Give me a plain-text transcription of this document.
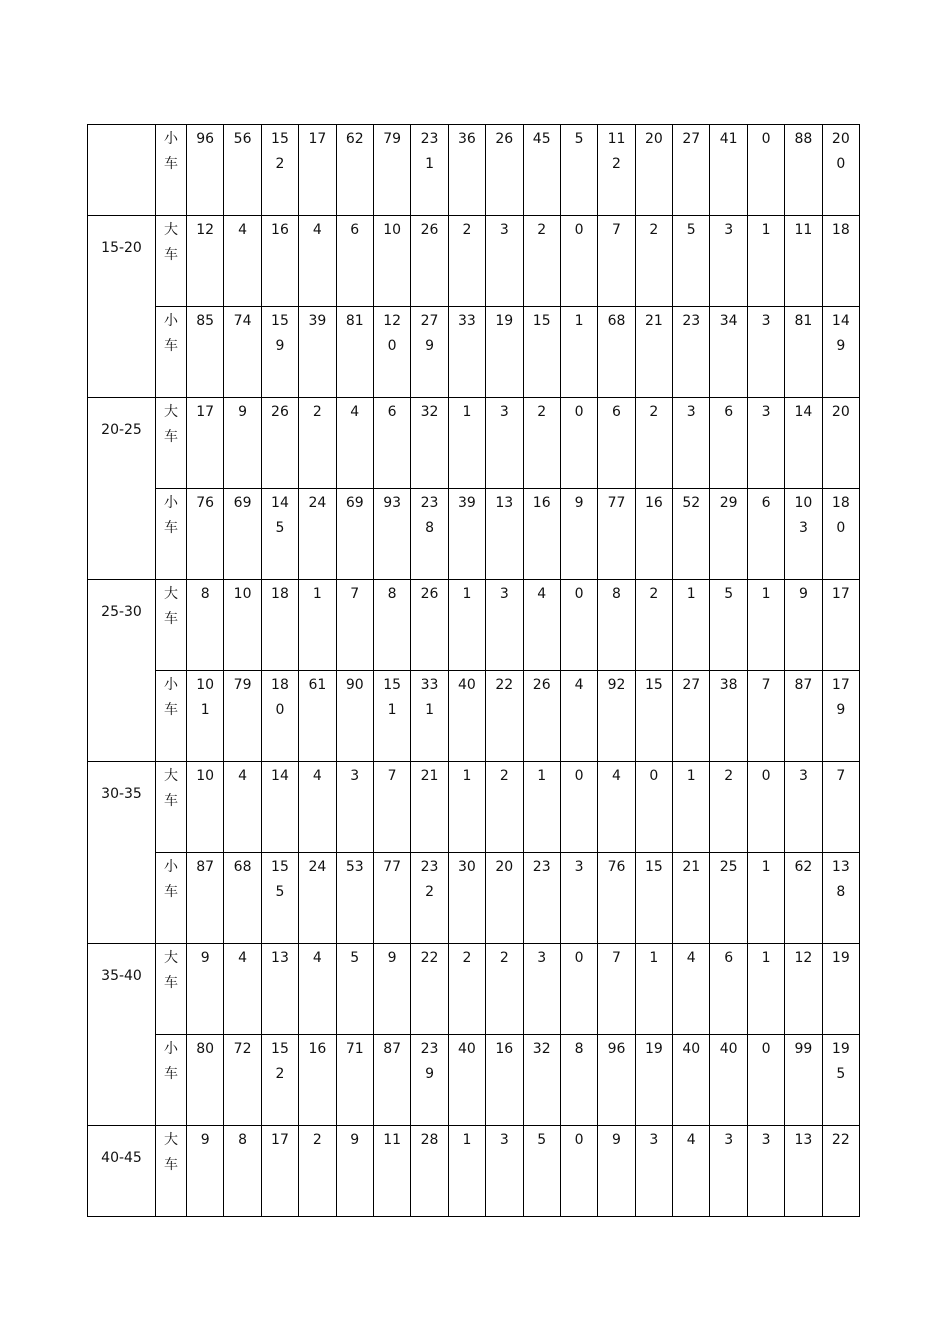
	小车	96	56	152	17	62	79	231	36	26	45	5	112	20	27	41	0	88	200

15-20	大车	12	4	16	4	6	10	26	2	3	2	0	7	2	5	3	1	11	18

	小车	85	74	159	39	81	120	279	33	19	15	1	68	21	23	34	3	81	149

20-25	大车	17	9	26	2	4	6	32	1	3	2	0	6	2	3	6	3	14	20

	小车	76	69	145	24	69	93	238	39	13	16	9	77	16	52	29	6	103	180

25-30	大车	8	10	18	1	7	8	26	1	3	4	0	8	2	1	5	1	9	17

	小车	101	79	180	61	90	151	331	40	22	26	4	92	15	27	38	7	87	179

30-35	大车	10	4	14	4	3	7	21	1	2	1	0	4	0	1	2	0	3	7

	小车	87	68	155	24	53	77	232	30	20	23	3	76	15	21	25	1	62	138

35-40	大车	9	4	13	4	5	9	22	2	2	3	0	7	1	4	6	1	12	19

	小车	80	72	152	16	71	87	239	40	16	32	8	96	19	40	40	0	99	195

40-45	大车	9	8	17	2	9	11	28	1	3	5	0	9	3	4	3	3	13	22
